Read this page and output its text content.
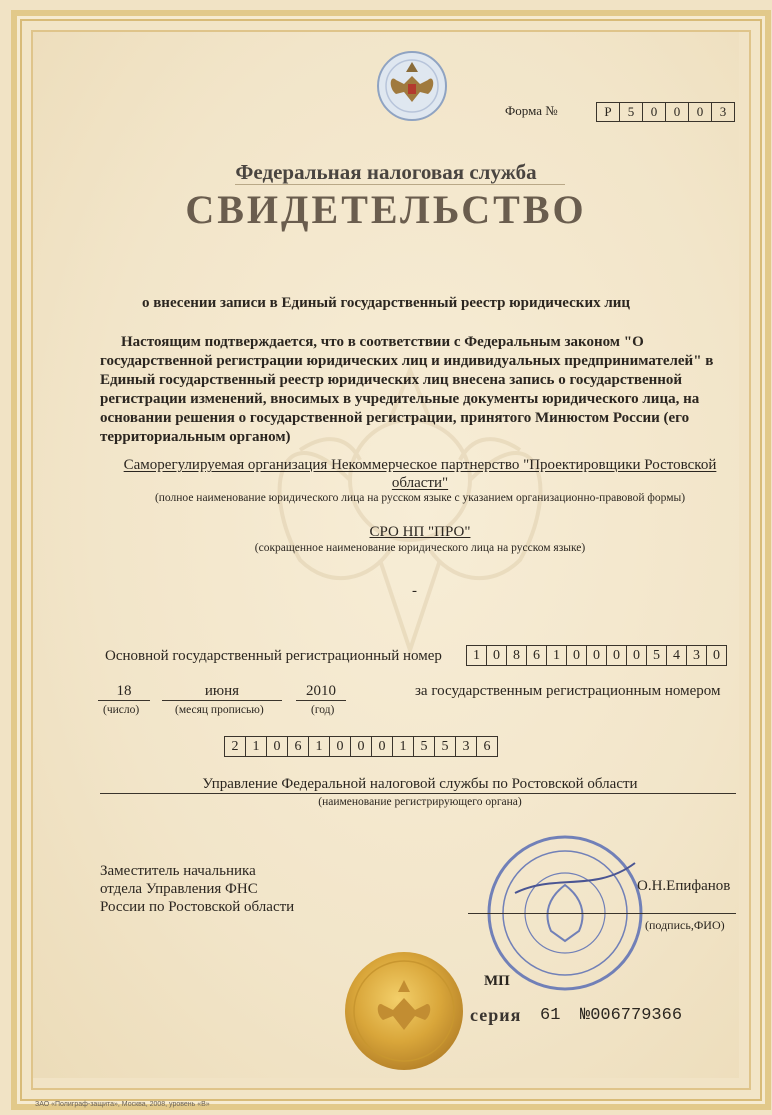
Форма №	Р	5	0	0	0	3
Федеральная налоговая служба
СВИДЕТЕЛЬСТВО
о внесении записи в Единый государственный реестр юридических лиц

Настоящим подтверждается, что в соответствии с Федеральным законом "О государственной регистрации юридических лиц и индивидуальных предпринимателей" в Единый государственный реестр юридических лиц внесена запись о государственной регистрации изменений, вносимых в учредительные документы юридического лица, на основании решения о государственной регистрации, принятого Минюстом России (его территориальным органом)

Саморегулируемая организация Некоммерческое партнерство "Проектировщики Ростовской области"
(полное наименование юридического лица на русском языке с указанием организационно-правовой формы)
СРО НП "ПРО"
(сокращенное наименование юридического лица на русском языке)
-
Основной государственный регистрационный номер	1 0 8 6 1 0 0 0 0 5 4 3 0
18	июня	2010	за государственным регистрационным номером
(число)	(месяц прописью)	(год)
2	1	0	6	1	0	0	0	1	5	5	3	6
Управление Федеральной налоговой службы по Ростовской области
(наименование регистрирующего органа)
Заместитель начальника
отдела Управления ФНС
России по Ростовской области
О.Н.Епифанов
(подпись,ФИО)
МП
серия 61 №006779366
ЗАО «Полиграф-защита», Москва, 2008, уровень «В»
